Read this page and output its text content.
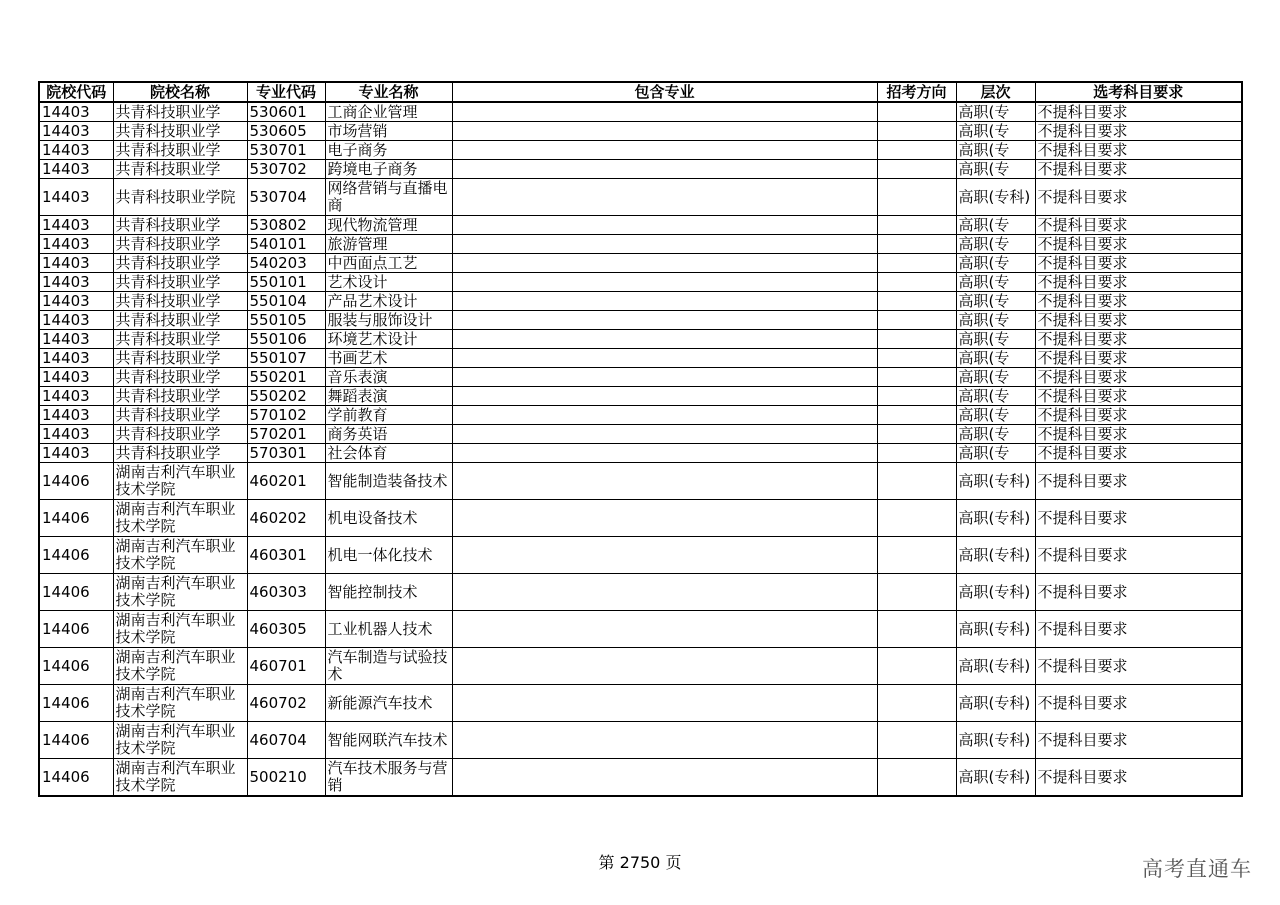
院校代码	院校名称	专业代码	专业名称	包含专业	招考方向	层次	选考科目要求
14403	共青科技职业学	530601	工商企业管理			高职(专	不提科目要求
14403	共青科技职业学	530605	市场营销			高职(专	不提科目要求
14403	共青科技职业学	530701	电子商务			高职(专	不提科目要求
14403	共青科技职业学	530702	跨境电子商务			高职(专	不提科目要求
14403	共青科技职业学院	530704	网络营销与直播电商			高职(专科)	不提科目要求
14403	共青科技职业学	530802	现代物流管理			高职(专	不提科目要求
14403	共青科技职业学	540101	旅游管理			高职(专	不提科目要求
14403	共青科技职业学	540203	中西面点工艺			高职(专	不提科目要求
14403	共青科技职业学	550101	艺术设计			高职(专	不提科目要求
14403	共青科技职业学	550104	产品艺术设计			高职(专	不提科目要求
14403	共青科技职业学	550105	服装与服饰设计			高职(专	不提科目要求
14403	共青科技职业学	550106	环境艺术设计			高职(专	不提科目要求
14403	共青科技职业学	550107	书画艺术			高职(专	不提科目要求
14403	共青科技职业学	550201	音乐表演			高职(专	不提科目要求
14403	共青科技职业学	550202	舞蹈表演			高职(专	不提科目要求
14403	共青科技职业学	570102	学前教育			高职(专	不提科目要求
14403	共青科技职业学	570201	商务英语			高职(专	不提科目要求
14403	共青科技职业学	570301	社会体育			高职(专	不提科目要求
14406	湖南吉利汽车职业技术学院	460201	智能制造装备技术			高职(专科)	不提科目要求
14406	湖南吉利汽车职业技术学院	460202	机电设备技术			高职(专科)	不提科目要求
14406	湖南吉利汽车职业技术学院	460301	机电一体化技术			高职(专科)	不提科目要求
14406	湖南吉利汽车职业技术学院	460303	智能控制技术			高职(专科)	不提科目要求
14406	湖南吉利汽车职业技术学院	460305	工业机器人技术			高职(专科)	不提科目要求
14406	湖南吉利汽车职业技术学院	460701	汽车制造与试验技术			高职(专科)	不提科目要求
14406	湖南吉利汽车职业技术学院	460702	新能源汽车技术			高职(专科)	不提科目要求
14406	湖南吉利汽车职业技术学院	460704	智能网联汽车技术			高职(专科)	不提科目要求
14406	湖南吉利汽车职业技术学院	500210	汽车技术服务与营销			高职(专科)	不提科目要求
第 2750 页	高考直通车
